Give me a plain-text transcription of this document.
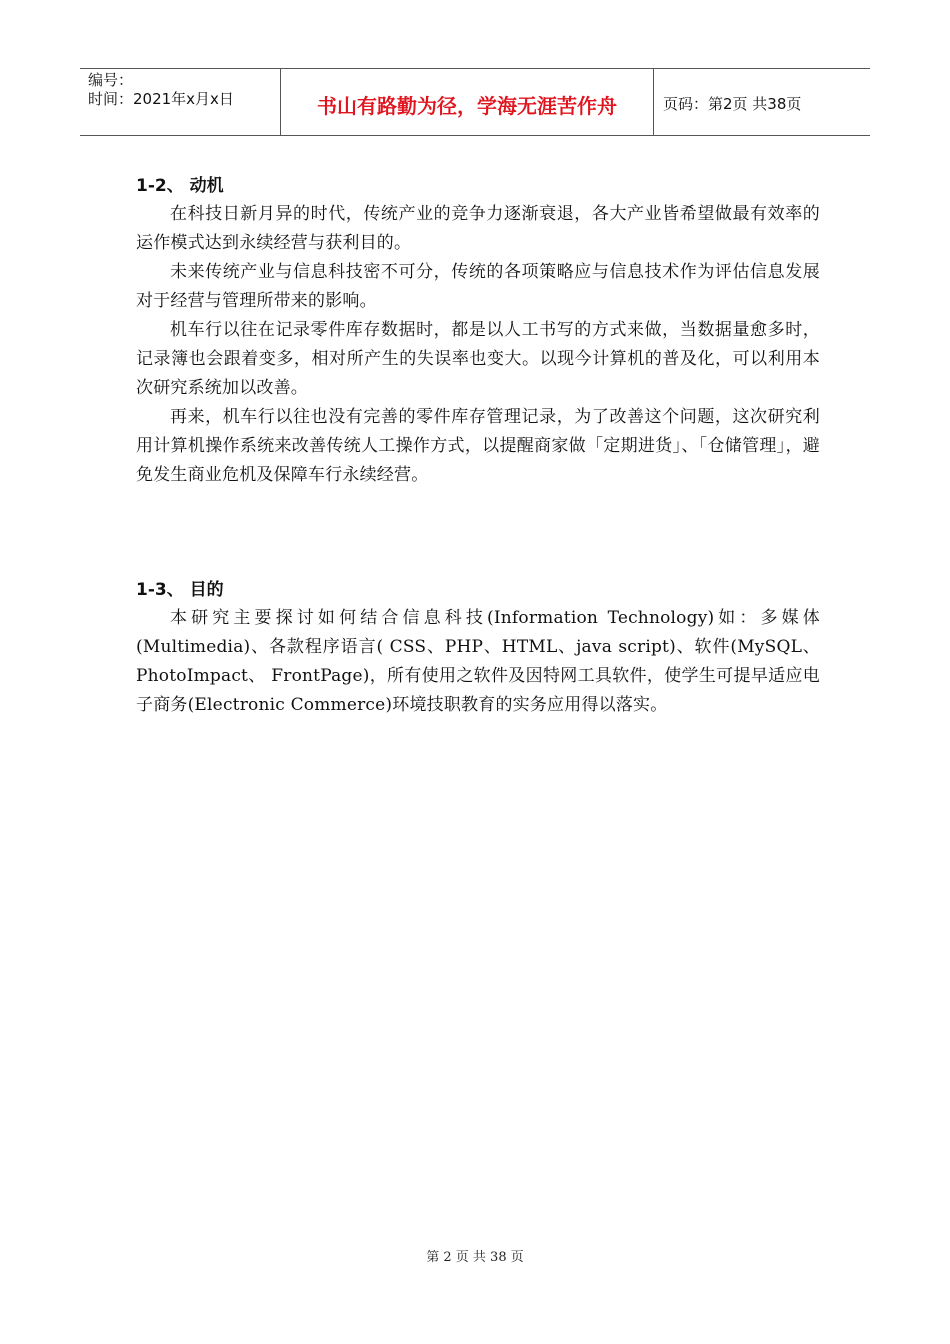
编号：
时间：2021年x月x日	书山有路勤为径，学海无涯苦作舟	页码：第2页 共38页

1-2、 动机

在科技日新月异的时代，传统产业的竞争力逐渐衰退，各大产业皆希望做最有效率的运作模式达到永续经营与获利目的。

未来传统产业与信息科技密不可分，传统的各项策略应与信息技术作为评估信息发展对于经营与管理所带来的影响。

机车行以往在记录零件库存数据时，都是以人工书写的方式来做，当数据量愈多时，记录簿也会跟着变多，相对所产生的失误率也变大。以现今计算机的普及化，可以利用本次研究系统加以改善。

再来，机车行以往也没有完善的零件库存管理记录，为了改善这个问题，这次研究利用计算机操作系统来改善传统人工操作方式，以提醒商家做「定期进货」、「仓储管理」，避免发生商业危机及保障车行永续经营。

1-3、 目的

本研究主要探讨如何结合信息科技(Information Technology)如：多媒体(Multimedia)、各款程序语言( CSS、PHP、HTML、java script)、软件(MySQL、PhotoImpact、 FrontPage)，所有使用之软件及因特网工具软件，使学生可提早适应电子商务(Electronic Commerce)环境技职教育的实务应用得以落实。

第 2 页 共 38 页
